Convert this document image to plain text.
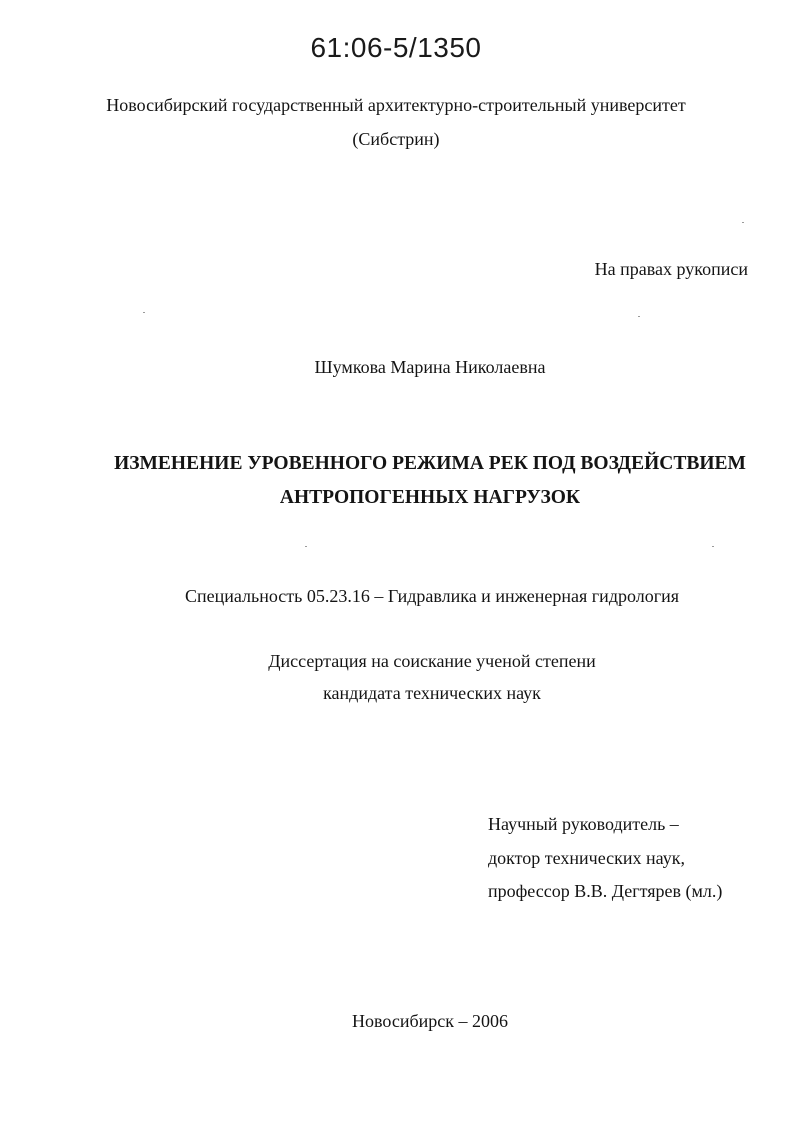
61:06-5/1350
Новосибирский государственный архитектурно-строительный университет
(Сибстрин)
На правах рукописи
Шумкова Марина Николаевна
ИЗМЕНЕНИЕ УРОВЕННОГО РЕЖИМА РЕК ПОД ВОЗДЕЙСТВИЕМ
АНТРОПОГЕННЫХ НАГРУЗОК
Специальность 05.23.16 – Гидравлика и инженерная гидрология
Диссертация на соискание ученой степени
кандидата технических наук
Научный руководитель –
доктор технических наук,
профессор В.В. Дегтярев (мл.)
Новосибирск – 2006
